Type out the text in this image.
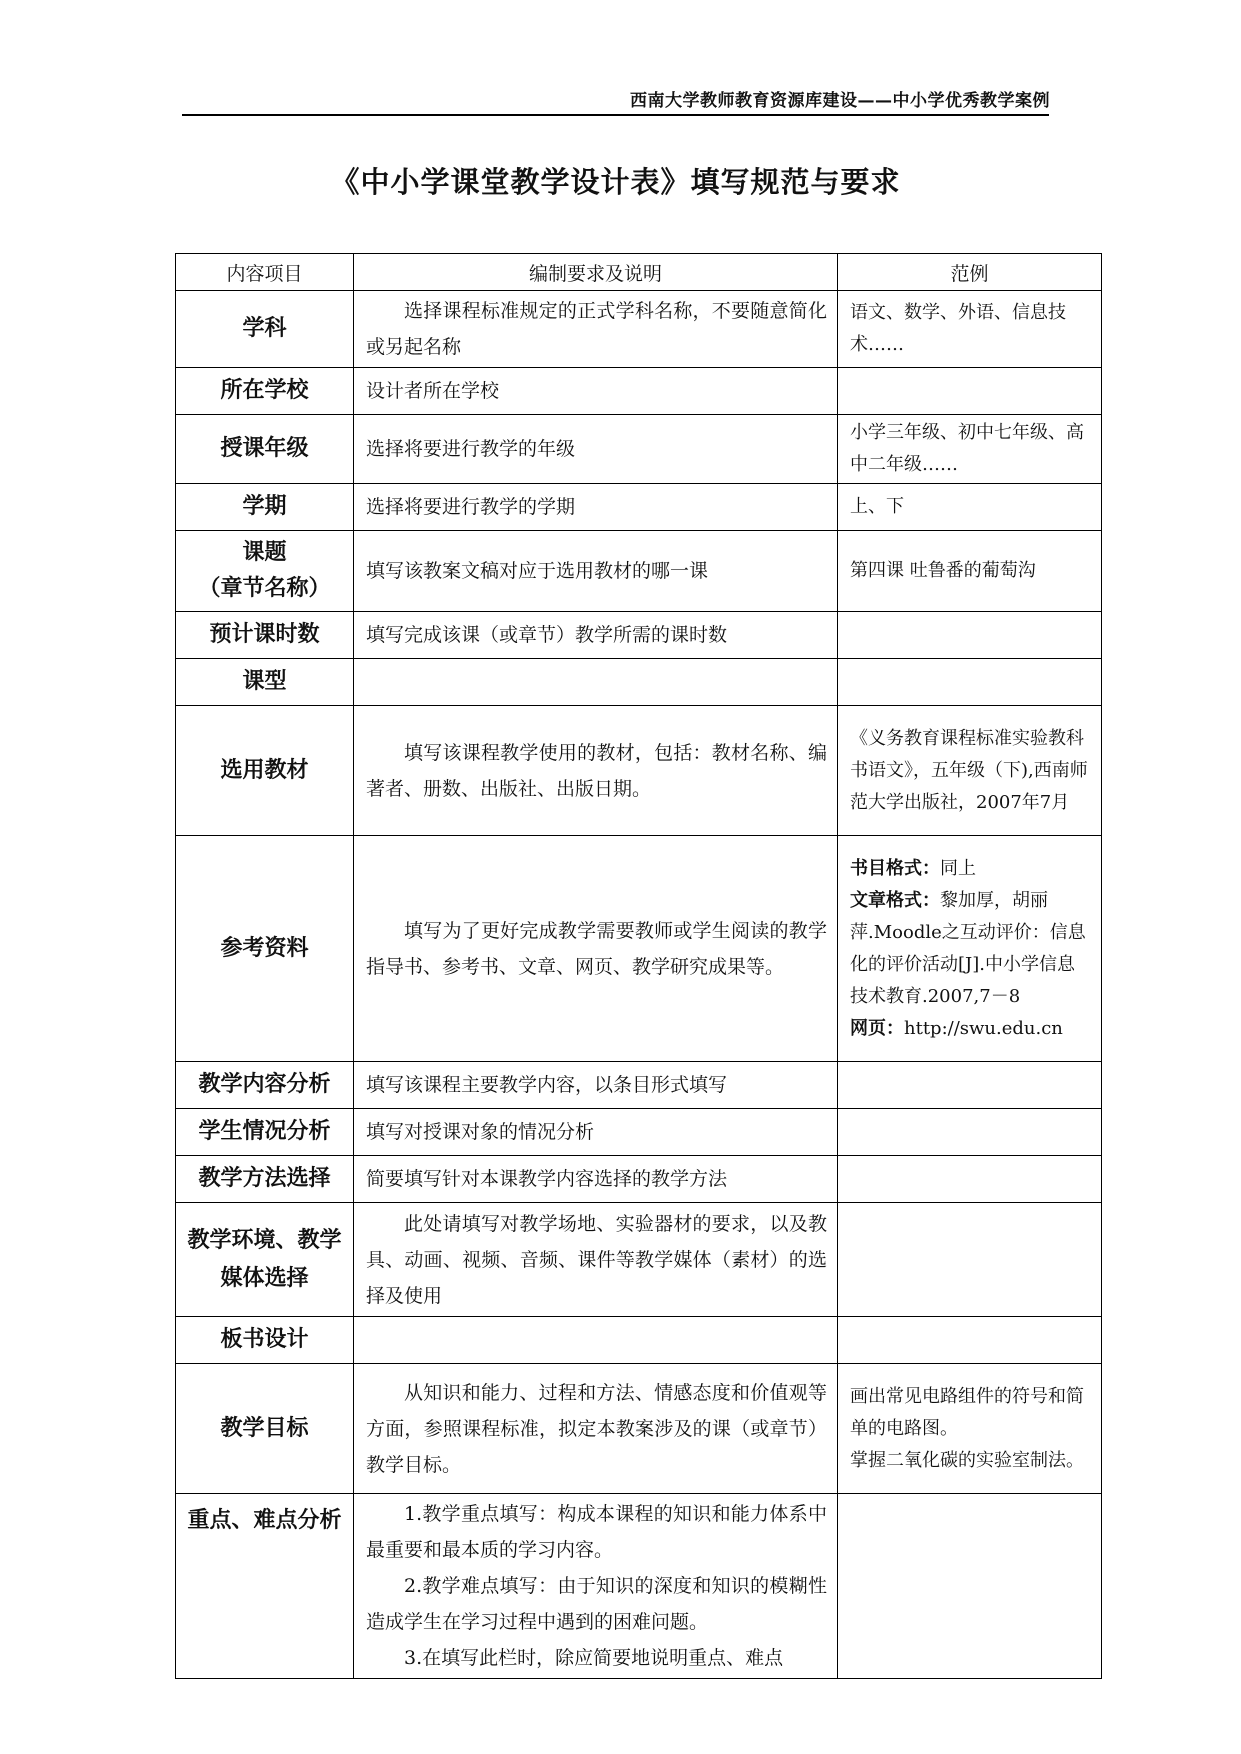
西南大学教师教育资源库建设——中小学优秀教学案例
《中小学课堂教学设计表》填写规范与要求
内容项目	编制要求及说明	范例
学科	选择课程标准规定的正式学科名称，不要随意简化或另起名称	语文、数学、外语、信息技术……

所在学校	设计者所在学校	

授课年级	选择将要进行教学的年级	小学三年级、初中七年级、高中二年级……

学期	选择将要进行教学的学期	上、下

课题
（章节名称）	填写该教案文稿对应于选用教材的哪一课	第四课 吐鲁番的葡萄沟

预计课时数	填写完成该课（或章节）教学所需的课时数	

课型		
选用教材	填写该课程教学使用的教材，包括：教材名称、编著者、册数、出版社、出版日期。	《义务教育课程标准实验教科书语文》，五年级（下),西南师范大学出版社，2007年7月

参考资料	填写为了更好完成教学需要教师或学生阅读的教学指导书、参考书、文章、网页、教学研究成果等。	书目格式：同上

文章格式：黎加厚，胡丽萍.Moodle之互动评价：信息化的评价活动[J].中小学信息技术教育.2007,7－8

网页：http://swu.edu.cn

教学内容分析	填写该课程主要教学内容，以条目形式填写	

学生情况分析	填写对授课对象的情况分析	

教学方法选择	简要填写针对本课教学内容选择的教学方法	

教学环境、教学媒体选择	此处请填写对教学场地、实验器材的要求，以及教具、动画、视频、音频、课件等教学媒体（素材）的选择及使用	

板书设计		
教学目标	从知识和能力、过程和方法、情感态度和价值观等方面，参照课程标准，拟定本教案涉及的课（或章节）教学目标。	画出常见电路组件的符号和简单的电路图。
掌握二氧化碳的实验室制法。

重点、难点分析	1.教学重点填写：构成本课程的知识和能力体系中最重要和最本质的学习内容。

2.教学难点填写：由于知识的深度和知识的模糊性造成学生在学习过程中遇到的困难问题。

3.在填写此栏时，除应简要地说明重点、难点	
